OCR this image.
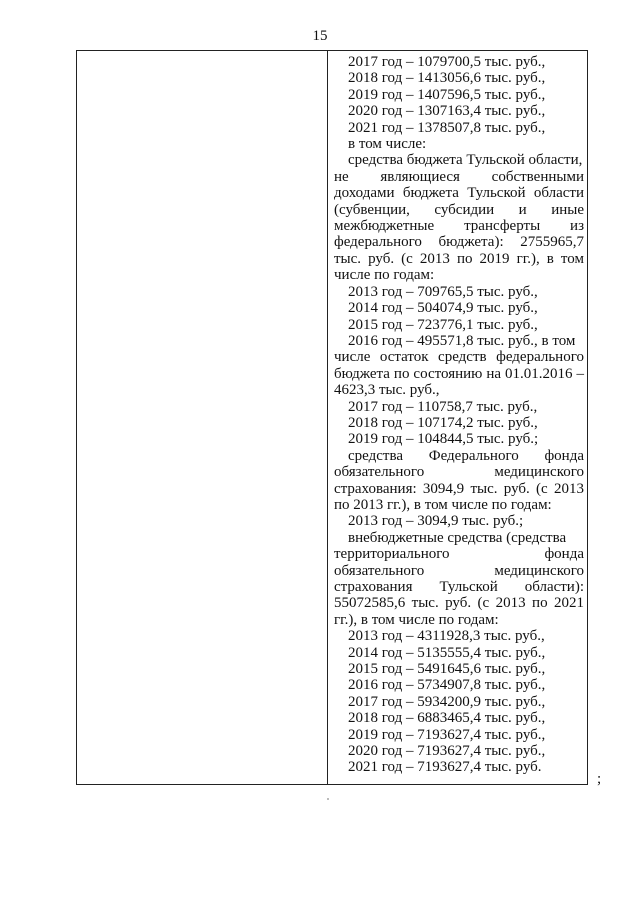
15
2017 год – 1079700,5 тыс. руб.,
2018 год – 1413056,6 тыс. руб.,
2019 год – 1407596,5 тыс. руб.,
2020 год – 1307163,4 тыс. руб.,
2021 год – 1378507,8 тыс. руб.,
в том числе:
средства бюджета Тульской области,
не являющиеся собственными
доходами бюджета Тульской области
(субвенции, субсидии и иные
межбюджетные трансферты из
федерального бюджета): 2755965,7
тыс. руб. (с 2013 по 2019 гг.), в том
числе по годам:
2013 год – 709765,5 тыс. руб.,
2014 год – 504074,9 тыс. руб.,
2015 год – 723776,1 тыс. руб.,
2016 год – 495571,8 тыс. руб., в том
числе остаток средств федерального
бюджета по состоянию на 01.01.2016 –
4623,3 тыс. руб.,
2017 год – 110758,7 тыс. руб.,
2018 год – 107174,2 тыс. руб.,
2019 год – 104844,5 тыс. руб.;
средства Федерального фонда
обязательного медицинского
страхования: 3094,9 тыс. руб. (с 2013
по 2013 гг.), в том числе по годам:
2013 год – 3094,9 тыс. руб.;
внебюджетные средства (средства
территориального фонда
обязательного медицинского
страхования Тульской области):
55072585,6 тыс. руб. (с 2013 по 2021
гг.), в том числе по годам:
2013 год – 4311928,3 тыс. руб.,
2014 год – 5135555,4 тыс. руб.,
2015 год – 5491645,6 тыс. руб.,
2016 год – 5734907,8 тыс. руб.,
2017 год – 5934200,9 тыс. руб.,
2018 год – 6883465,4 тыс. руб.,
2019 год – 7193627,4 тыс. руб.,
2020 год – 7193627,4 тыс. руб.,
2021 год – 7193627,4 тыс. руб.
;
